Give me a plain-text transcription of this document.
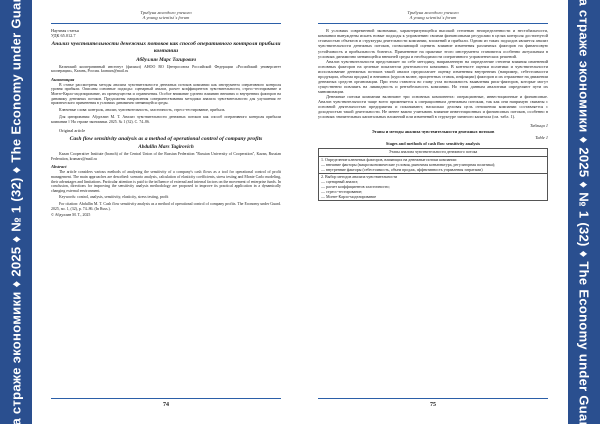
На страже экономики ♦ 2025 ♦ № 1 (32) ♦ The Economy under Guard	Трибуна молодого ученого
A young scientist`s forum

Научная статья

УДК 65.012.7

Анализ чувствительности денежных потоков как способ оперативного контроля прибыли компании

Абдуллин Марс Тагирович

Казанский кооперативный институт (филиал) АНОО ВО Центросоюза Российской Федерации «Российский университет кооперации», Казань, Россия. kramars@mail.ru

Аннотация

В статье рассмотрены методы анализа чувствительности денежных потоков компании как инструмента оперативного контроля уровня прибыли. Описаны основные подходы: сценарный анализ, расчет коэффициентов чувствительности, стресс-тестирование и Монте-Карло-моделирование, их преимущества и ограничения. Особое внимание уделено влиянию внешних и внутренних факторов на динамику денежных потоков. Предложены направления совершенствования методики анализа чувствительности для улучшения ее практического применения в условиях динамично меняющейся среды.

Ключевые слова: контроль, анализ, чувствительность, эластичность, стресс-тестирование, прибыль

Для цитирования: Абдуллин М. Т. Анализ чувствительности денежных потоков как способ оперативного контроля прибыли компании // На страже экономики. 2025. № 1 (32). С. 74–86.

Original article

Cash flow sensitivity analysis as a method of operational control of company profits

Abdullin Mars Tagirovich

Kazan Cooperative Institute (branch) of the Central Union of the Russian Federation "Russian University of Cooperation", Kazan, Russian Federation, kramars@mail.ru

Abstract

The article considers various methods of analyzing the sensitivity of a company's cash flows as a tool for operational control of profit management. The main approaches are described: scenario analysis, calculation of elasticity coefficients, stress testing and Monte Carlo modeling, their advantages and limitations. Particular attention is paid to the influence of external and internal factors on the movement of enterprise funds. In conclusion, directions for improving the sensitivity analysis methodology are proposed to improve its practical application in a dynamically changing external environment.

Keywords: control, analysis, sensitivity, elasticity, stress testing, profit

For citation: Abdullin M. T. Cash flow sensitivity analysis as a method of operational control of company profits. The Economy under Guard. 2025, no. 1, (32), p. 74–86. (In Russ.).

© Абдуллин М. Т., 2025

74
Трибуна молодого ученого
A young scientist`s forum

В условиях современной экономики, характеризующейся высокой степенью неопределенности и нестабильности, компании вынуждены искать новые подходы к управлению своими финансовыми ресурсами в целях контроля достигнутой стоимостью объектов и структуры деятельности компании, вложений и прибыли. Одним из таких подходов является анализ чувствительности денежных потоков, позволяющий оценить влияние изменения различных факторов на финансовую устойчивость и прибыльность бизнеса. Применение на практике этого инструмента становится особенно актуальным в условиях динамично меняющейся внешней среды и необходимости оперативного управленческих решений.

Анализ чувствительности представляет по себе методику, направленную на определение степени влияния изменений основных факторов на целевые показатели деятельности компании. В контексте оценки политики и чувствительности использование денежных потоков такой анализ предполагает оценку изменения внутренних (например, себестоимости продукции, объема продаж) и внешних (курсов валют, процентных ставок, инфляции) факторов и их отражение на движении денежных средств организации. При этом ставится во главу угла возможность выявления риск-факторов, которые могут существенно повлиять на ликвидность и рентабельность компании. Но этим данным аналитики определяют пути их минимизации.

Денежные потоки компании включают три основных компонента: операционные, инвестиционные и финансовые. Анализ чувствительности чаще всего применяется к операционным денежным потокам, так как они напрямую связаны с основной деятельностью предприятия и показывают, насколько деловая цель отношения компании составляется с доходностью такой деятельности. Не менее важно учитывать влияние инвестиционных и финансовых потоков, особенно в условиях значительных капитальных вложений или изменений в структуре заемного капитала (см. табл. 1).

Таблица 1

Этапы и методы анализа чувствительности денежных потоков

Table 1

Stages and methods of cash flow sensitivity analysis

Этапы анализа чувствительности денежного потока

1. Определение ключевых факторов, влияющих на денежные потоки компании:
— внешние факторы (макроэкономические условия, рыночная конъюнктура, регуляторная политика);
— внутренние факторы (себестоимость, объем продаж, эффективность управления затратами)

2. Выбор методов анализа чувствительности
— сценарный анализ;
— расчет коэффициентов эластичности;
— стресс-тестирование;
— Монте-Карло-моделирование
75	На страже экономики ♦ 2025 ♦ № 1 (32) ♦ The Economy under Guard
